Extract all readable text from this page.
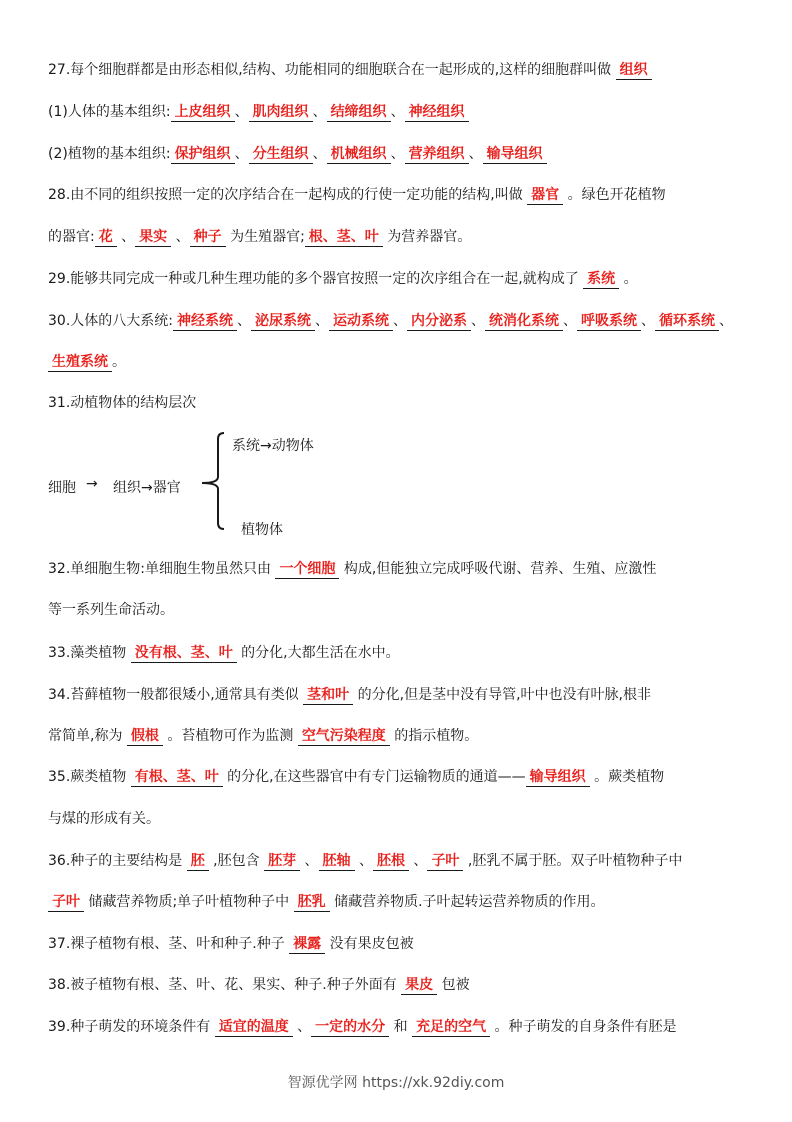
27.每个细胞群都是由形态相似,结构、功能相同的细胞联合在一起形成的,这样的细胞群叫做 组织
(1)人体的基本组织: 上皮组织 、 肌肉组织 、 结缔组织 、 神经组织
(2)植物的基本组织: 保护组织 、 分生组织 、 机械组织 、 营养组织 、 输导组织
28.由不同的组织按照一定的次序结合在一起构成的行使一定功能的结构,叫做 器官 。绿色开花植物
的器官: 花 、 果实 、 种子 为生殖器官; 根、茎、叶 为营养器官。
29.能够共同完成一种或几种生理功能的多个器官按照一定的次序组合在一起,就构成了 系统 。
30.人体的八大系统: 神经系统 、 泌尿系统 、 运动系统 、 内分泌系 、 统消化系统 、 呼吸系统 、 循环系统 、
生殖系统 。
31.动植物体的结构层次
32.单细胞生物:单细胞生物虽然只由 一个细胞 构成,但能独立完成呼吸代谢、营养、生殖、应激性
等一系列生命活动。
33.藻类植物 没有根、茎、叶 的分化,大都生活在水中。
34.苔藓植物一般都很矮小,通常具有类似 茎和叶 的分化,但是茎中没有导管,叶中也没有叶脉,根非
常简单,称为 假根 。苔植物可作为监测 空气污染程度 的指示植物。
35.蕨类植物 有根、茎、叶 的分化,在这些器官中有专门运输物质的通道—— 输导组织 。蕨类植物
与煤的形成有关。
36.种子的主要结构是 胚 ,胚包含 胚芽 、 胚轴 、 胚根 、 子叶 ,胚乳不属于胚。双子叶植物种子中
子叶 储藏营养物质;单子叶植物种子中 胚乳 储藏营养物质.子叶起转运营养物质的作用。
37.裸子植物有根、茎、叶和种子.种子 裸露 没有果皮包被
38.被子植物有根、茎、叶、花、果实、种子.种子外面有 果皮 包被
39.种子萌发的环境条件有 适宜的温度 、 一定的水分 和 充足的空气 。种子萌发的自身条件有胚是
细胞 → 组织→器官
系统→动物体
植物体
智源优学网 https://xk.92diy.com
